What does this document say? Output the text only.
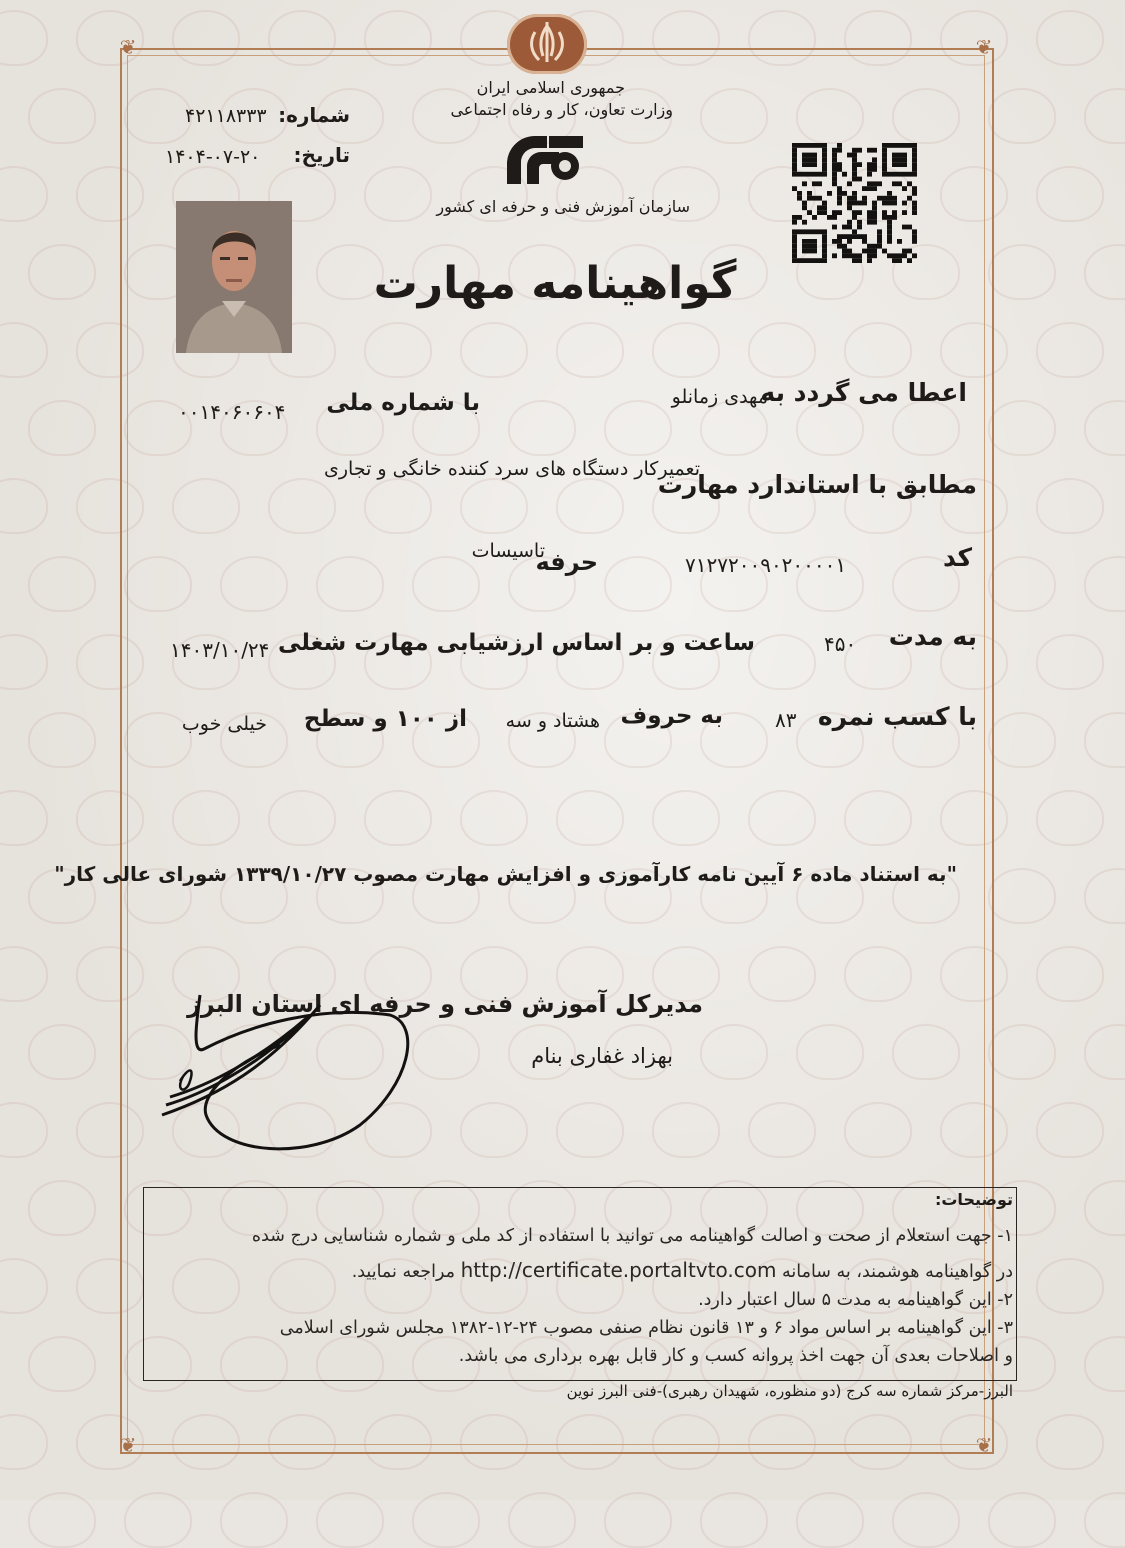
❦	❦
❦	❦
جمهوری اسلامی ایران
وزارت تعاون، کار و رفاه اجتماعی
شماره:
۴۲۱۱۸۳۳۳
تاریخ:
۱۴۰۴-۰۷-۲۰
سازمان آموزش فنی و حرفه ای کشور
گواهینامه مهارت
اعطا می گردد به
مهدی زمانلو
با شماره ملی
۰۰۱۴۰۶۰۶۰۴
تعمیرکار دستگاه های سرد کننده خانگی و تجاری
مطابق با استاندارد مهارت
کد
۷۱۲۷۲۰۰۹۰۲۰۰۰۰۱
حرفه
تاسیسات
به مدت
۴۵۰
ساعت و بر اساس ارزشیابی مهارت شغلی
۱۴۰۳/۱۰/۲۴
با کسب نمره
۸۳
به حروف
هشتاد و سه
از ۱۰۰ و سطح
خیلی خوب
"به استناد ماده ۶ آیین نامه کارآموزی و افزایش مهارت مصوب ۱۳۳۹/۱۰/۲۷ شورای عالی کار"
مدیرکل آموزش فنی و حرفه ای استان البرز
بهزاد غفاری بنام
توضیحات:
۱- جهت استعلام از صحت و اصالت گواهینامه می توانید با استفاده از کد ملی و شماره شناسایی درج شده
در گواهینامه هوشمند، به سامانه http://certificate.portaltvto.com مراجعه نمایید.
۲- این گواهینامه به مدت ۵ سال اعتبار دارد.
۳- این گواهینامه بر اساس مواد ۶ و ۱۳ قانون نظام صنفی مصوب ۲۴-۱۲-۱۳۸۲ مجلس شورای اسلامی
و اصلاحات بعدی آن جهت اخذ پروانه کسب و کار قابل بهره برداری می باشد.
البرز-مرکز شماره سه کرج (دو منظوره، شهیدان رهبری)-فنی البرز نوین
